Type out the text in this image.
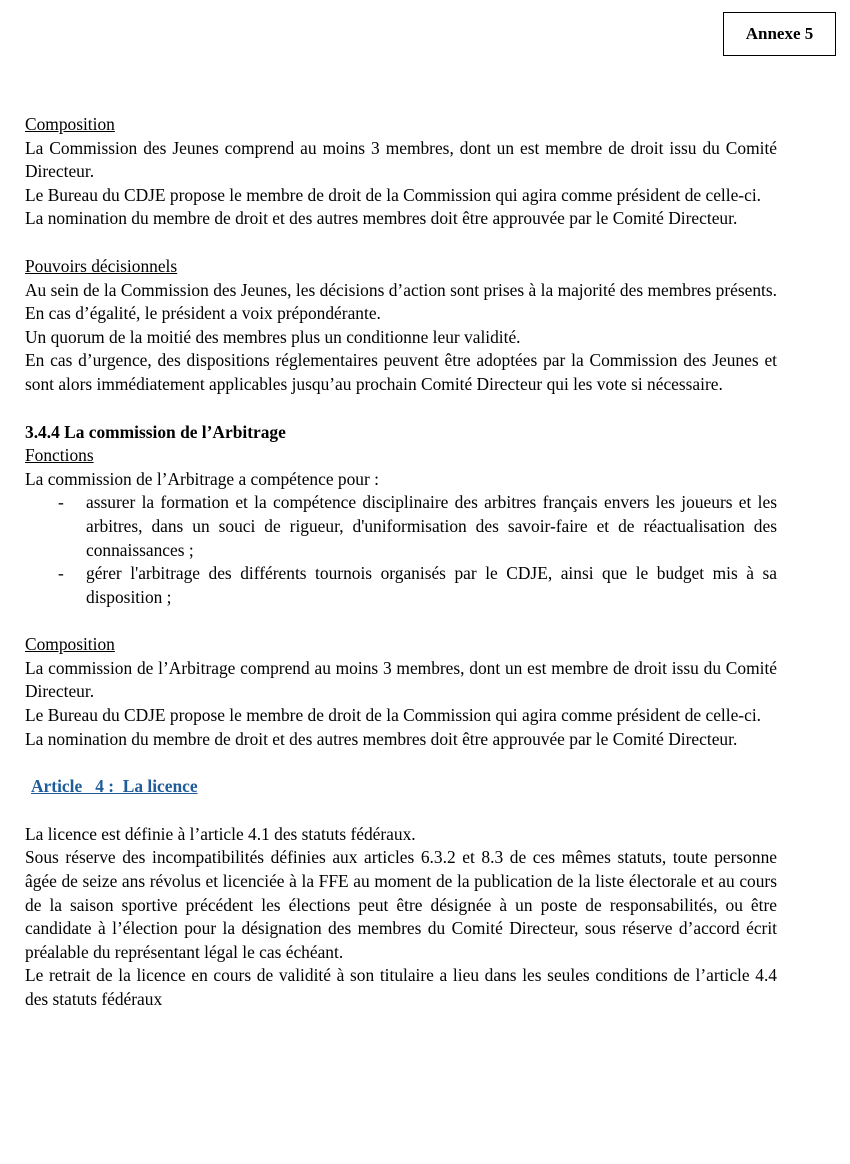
Annexe 5
Composition

La Commission des Jeunes comprend au moins 3 membres, dont un est membre de droit issu du Comité Directeur.

Le Bureau du CDJE propose le membre de droit de la Commission qui agira comme président de celle-ci.

La nomination du membre de droit et des autres membres doit être approuvée par le Comité Directeur.

Pouvoirs décisionnels

Au sein de la Commission des Jeunes, les décisions d’action sont prises à la majorité des membres présents. En cas d’égalité, le président a voix prépondérante.

Un quorum de la moitié des membres plus un conditionne leur validité.

En cas d’urgence, des dispositions réglementaires peuvent être adoptées par la Commission des Jeunes et sont alors immédiatement applicables jusqu’au prochain Comité Directeur qui les vote si nécessaire.

3.4.4 La commission de l’Arbitrage
Fonctions

La commission de l’Arbitrage a compétence pour :

- assurer la formation et la compétence disciplinaire des arbitres français envers les joueurs et les arbitres, dans un souci de rigueur, d'uniformisation des savoir-faire et de réactualisation des connaissances ;
- gérer l'arbitrage des différents tournois organisés par le CDJE, ainsi que le budget mis à sa disposition ;
Composition

La commission de l’Arbitrage comprend au moins 3 membres, dont un est membre de droit issu du Comité Directeur.

Le Bureau du CDJE propose le membre de droit de la Commission qui agira comme président de celle-ci.

La nomination du membre de droit et des autres membres doit être approuvée par le Comité Directeur.

Article   4 :  La licence

La licence est définie à l’article 4.1 des statuts fédéraux.

Sous réserve des incompatibilités définies aux articles 6.3.2 et 8.3 de ces mêmes statuts, toute personne âgée de seize ans révolus et licenciée à la FFE au moment de la publication de la liste électorale et au cours de la saison sportive précédent les élections peut être désignée à un poste de responsabilités, ou être candidate à l’élection pour la désignation des membres du Comité Directeur, sous réserve d’accord écrit préalable du représentant légal le cas échéant.

Le retrait de la licence en cours de validité à son titulaire a lieu dans les seules conditions de l’article 4.4 des statuts fédéraux
